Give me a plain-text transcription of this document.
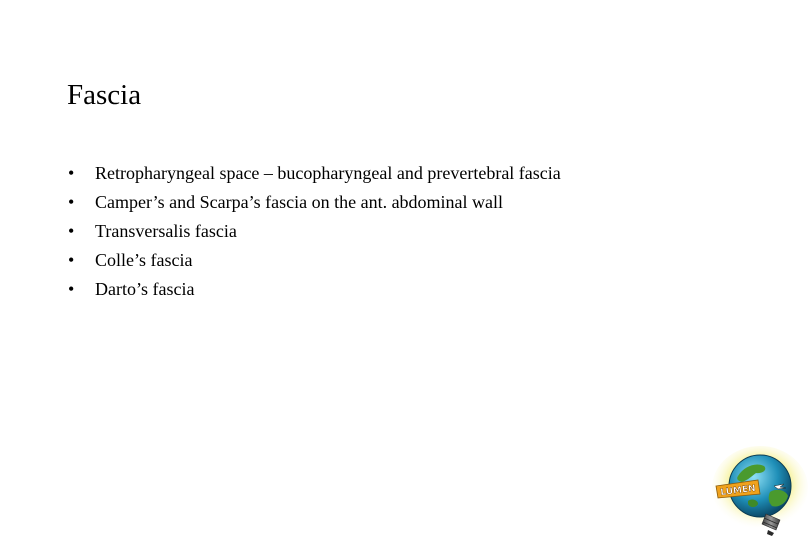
Fascia
•	Retropharyngeal space – bucopharyngeal and prevertebral fascia
•	Camper’s and Scarpa’s fascia on the ant. abdominal wall
•	Transversalis fascia
•	Colle’s fascia
•	Darto’s fascia
LUMEN
